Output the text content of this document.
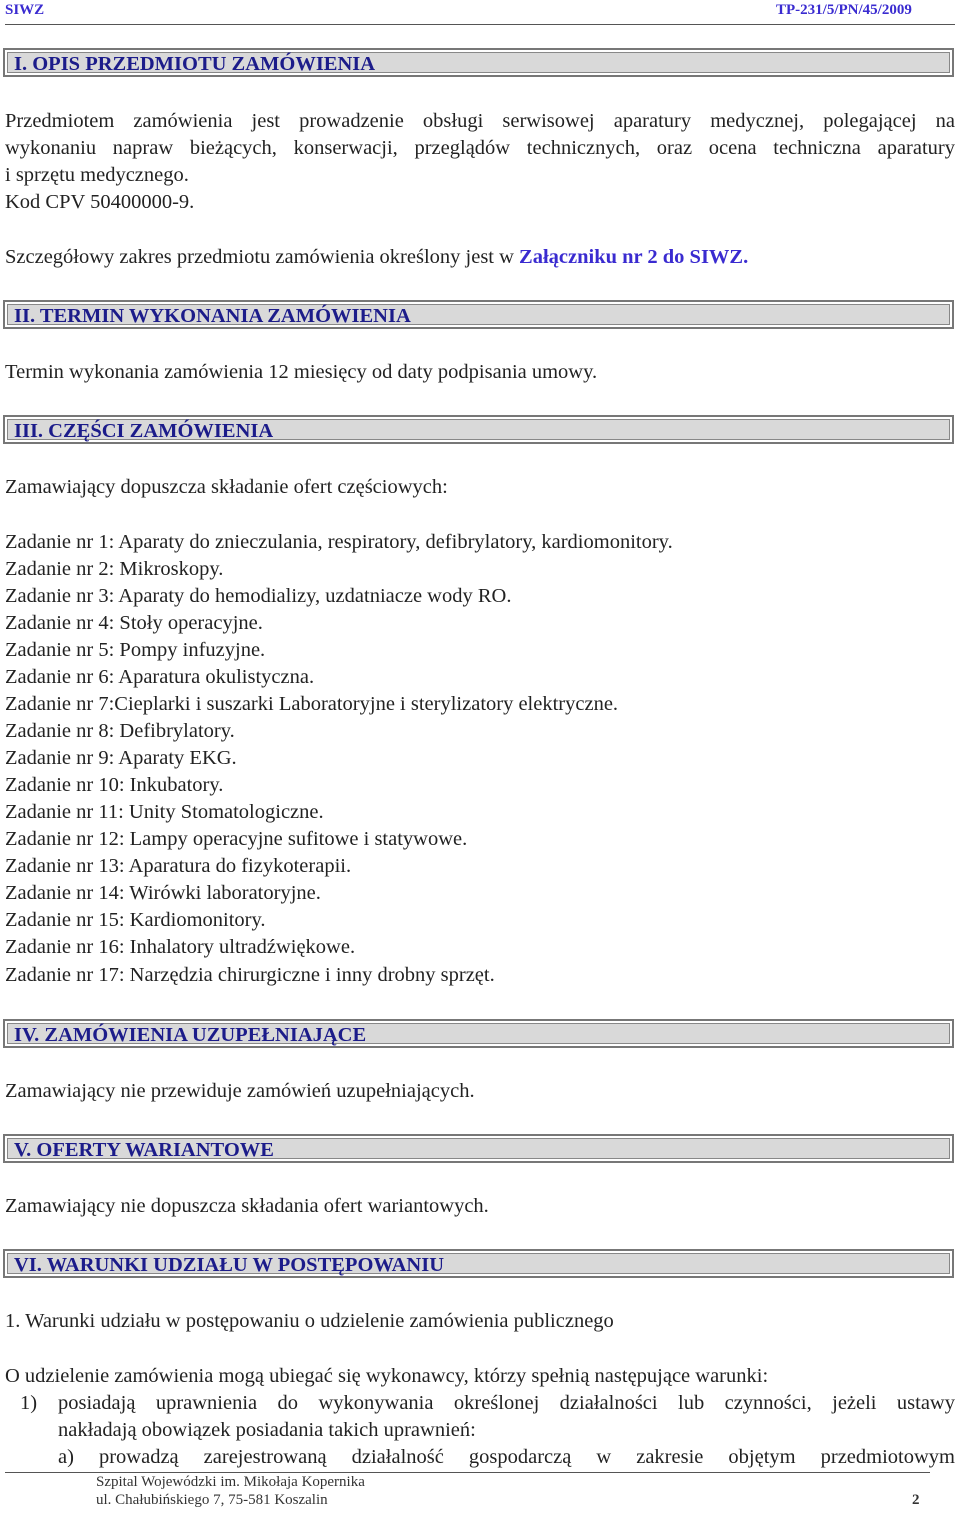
SIWZ	TP-231/5/PN/45/2009
I. OPIS PRZEDMIOTU ZAMÓWIENIA
Przedmiotem zamówienia jest prowadzenie obsługi serwisowej aparatury medycznej, polegającej na
wykonaniu napraw bieżących, konserwacji, przeglądów technicznych, oraz ocena techniczna aparatury
i sprzętu medycznego.
Kod CPV 50400000-9.
Szczegółowy zakres przedmiotu zamówienia określony jest w Załączniku nr 2 do SIWZ.
II. TERMIN WYKONANIA ZAMÓWIENIA
Termin wykonania zamówienia 12 miesięcy od daty podpisania umowy.
III. CZĘŚCI ZAMÓWIENIA
Zamawiający dopuszcza składanie ofert częściowych:
Zadanie nr 1: Aparaty do znieczulania, respiratory, defibrylatory, kardiomonitory.
Zadanie nr 2: Mikroskopy.
Zadanie nr 3: Aparaty do hemodializy, uzdatniacze wody RO.
Zadanie nr 4: Stoły operacyjne.
Zadanie nr 5: Pompy infuzyjne.
Zadanie nr 6: Aparatura okulistyczna.
Zadanie nr 7:Cieplarki i suszarki Laboratoryjne i sterylizatory elektryczne.
Zadanie nr 8: Defibrylatory.
Zadanie nr 9: Aparaty EKG.
Zadanie nr 10: Inkubatory.
Zadanie nr 11: Unity Stomatologiczne.
Zadanie nr 12: Lampy operacyjne sufitowe i statywowe.
Zadanie nr 13: Aparatura do fizykoterapii.
Zadanie nr 14: Wirówki laboratoryjne.
Zadanie nr 15: Kardiomonitory.
Zadanie nr 16: Inhalatory ultradźwiękowe.
Zadanie nr 17: Narzędzia chirurgiczne i inny drobny sprzęt.
IV. ZAMÓWIENIA UZUPEŁNIAJĄCE
Zamawiający nie przewiduje zamówień uzupełniających.
V. OFERTY WARIANTOWE
Zamawiający nie dopuszcza składania ofert wariantowych.
VI. WARUNKI UDZIAŁU W POSTĘPOWANIU
1. Warunki udziału w postępowaniu o udzielenie zamówienia publicznego
O udzielenie zamówienia mogą ubiegać się wykonawcy, którzy spełnią następujące warunki:
1) posiadają uprawnienia do wykonywania określonej działalności lub czynności, jeżeli ustawy
nakładają obowiązek posiadania takich uprawnień:
a) prowadzą zarejestrowaną działalność gospodarczą w zakresie objętym przedmiotowym
Szpital Wojewódzki im. Mikołaja Kopernika
ul. Chałubińskiego 7, 75-581 Koszalin	2
